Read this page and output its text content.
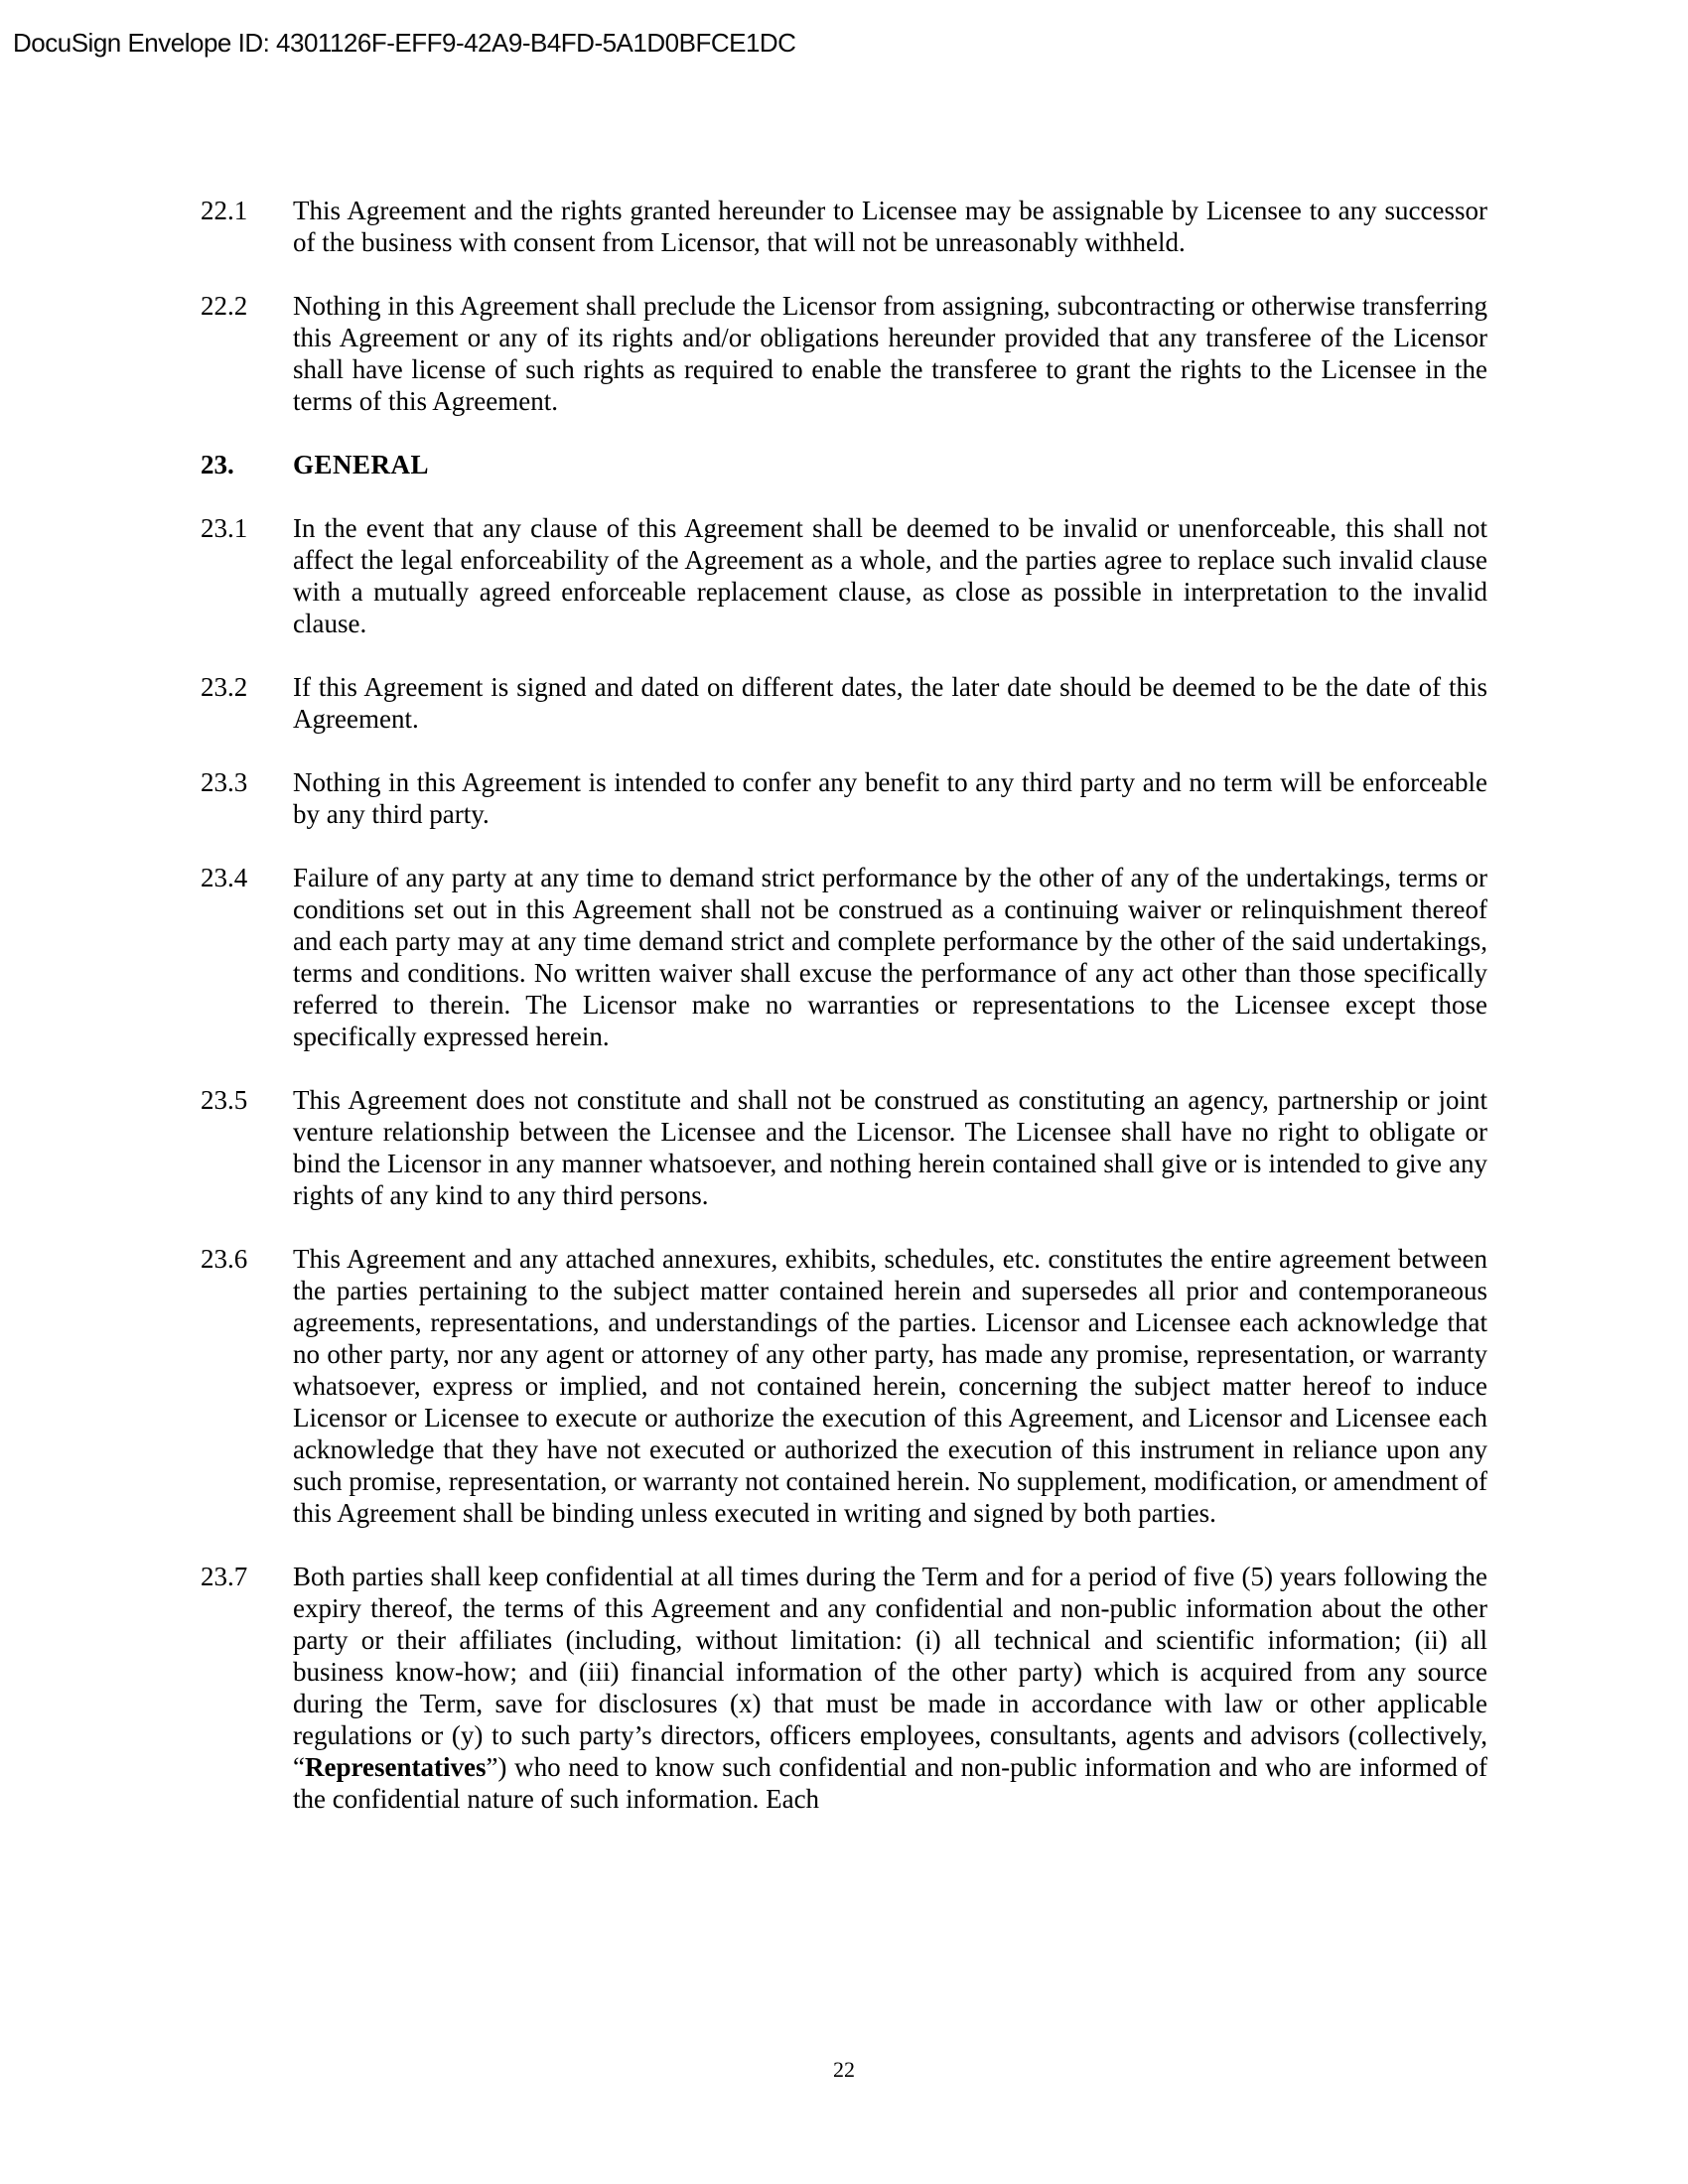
DocuSign Envelope ID: 4301126F-EFF9-42A9-B4FD-5A1D0BFCE1DC
22.1	This Agreement and the rights granted hereunder to Licensee may be assignable by Licensee to any successor of the business with consent from Licensor, that will not be unreasonably withheld.
22.2	Nothing in this Agreement shall preclude the Licensor from assigning, subcontracting or otherwise transferring this Agreement or any of its rights and/or obligations hereunder provided that any transferee of the Licensor shall have license of such rights as required to enable the transferee to grant the rights to the Licensee in the terms of this Agreement.
23.	GENERAL
23.1	In the event that any clause of this Agreement shall be deemed to be invalid or unenforceable, this shall not affect the legal enforceability of the Agreement as a whole, and the parties agree to replace such invalid clause with a mutually agreed enforceable replacement clause, as close as possible in interpretation to the invalid clause.
23.2	If this Agreement is signed and dated on different dates, the later date should be deemed to be the date of this Agreement.
23.3	Nothing in this Agreement is intended to confer any benefit to any third party and no term will be enforceable by any third party.
23.4	Failure of any party at any time to demand strict performance by the other of any of the undertakings, terms or conditions set out in this Agreement shall not be construed as a continuing waiver or relinquishment thereof and each party may at any time demand strict and complete performance by the other of the said undertakings, terms and conditions. No written waiver shall excuse the performance of any act other than those specifically referred to therein. The Licensor make no warranties or representations to the Licensee except those specifically expressed herein.
23.5	This Agreement does not constitute and shall not be construed as constituting an agency, partnership or joint venture relationship between the Licensee and the Licensor. The Licensee shall have no right to obligate or bind the Licensor in any manner whatsoever, and nothing herein contained shall give or is intended to give any rights of any kind to any third persons.
23.6	This Agreement and any attached annexures, exhibits, schedules, etc. constitutes the entire agreement between the parties pertaining to the subject matter contained herein and supersedes all prior and contemporaneous agreements, representations, and understandings of the parties. Licensor and Licensee each acknowledge that no other party, nor any agent or attorney of any other party, has made any promise, representation, or warranty whatsoever, express or implied, and not contained herein, concerning the subject matter hereof to induce Licensor or Licensee to execute or authorize the execution of this Agreement, and Licensor and Licensee each acknowledge that they have not executed or authorized the execution of this instrument in reliance upon any such promise, representation, or warranty not contained herein. No supplement, modification, or amendment of this Agreement shall be binding unless executed in writing and signed by both parties.
23.7	Both parties shall keep confidential at all times during the Term and for a period of five (5) years following the expiry thereof, the terms of this Agreement and any confidential and non-public information about the other party or their affiliates (including, without limitation: (i) all technical and scientific information; (ii) all business know-how; and (iii) financial information of the other party) which is acquired from any source during the Term, save for disclosures (x) that must be made in accordance with law or other applicable regulations or (y) to such party’s directors, officers employees, consultants, agents and advisors (collectively, “Representatives”) who need to know such confidential and non-public information and who are informed of the confidential nature of such information. Each
22
